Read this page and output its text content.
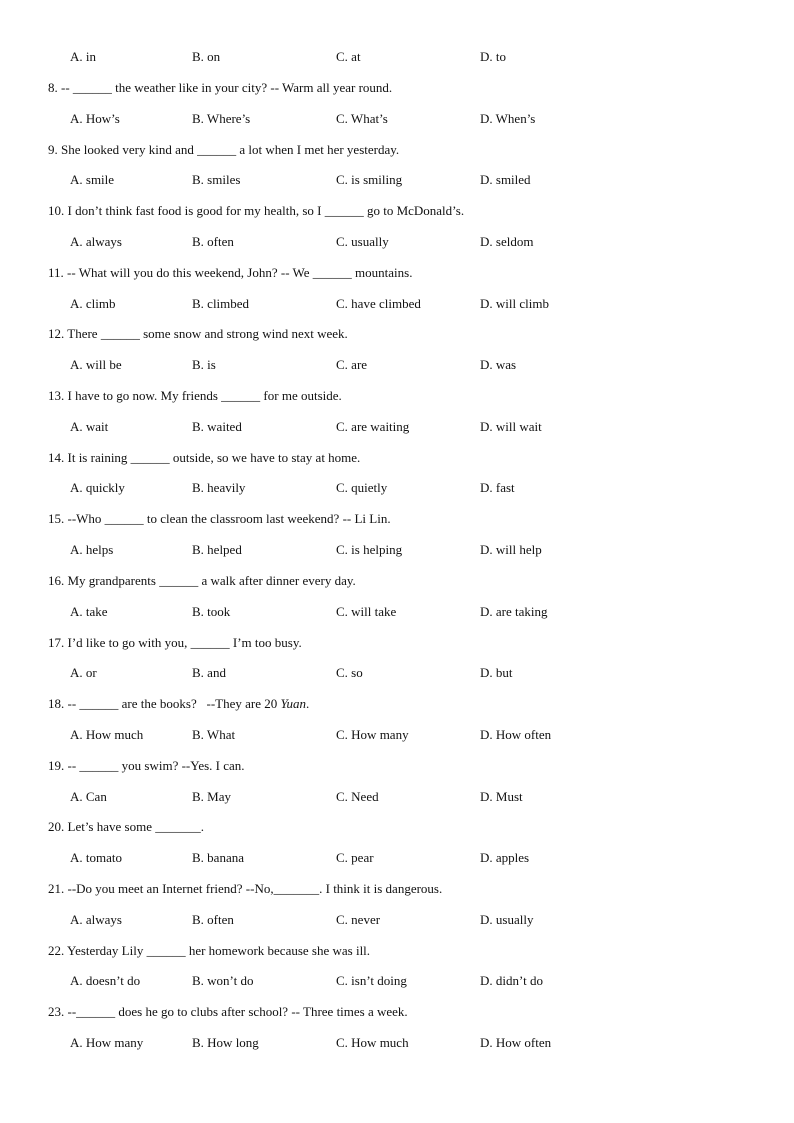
A. in	B. on	C. at	D. to
8. -- ______ the weather like in your city? -- Warm all year round.
A. How’s	B. Where’s	C. What’s	D. When’s
9. She looked very kind and ______ a lot when I met her yesterday.
A. smile	B. smiles	C. is smiling	D. smiled
10. I don’t think fast food is good for my health, so I ______ go to McDonald’s.
A. always	B. often	C. usually	D. seldom
11. -- What will you do this weekend, John? -- We ______ mountains.
A. climb	B. climbed	C. have climbed	D. will climb
12. There ______ some snow and strong wind next week.
A. will be	B. is	C. are	D. was
13. I have to go now. My friends ______ for me outside.
A. wait	B. waited	C. are waiting	D. will wait
14. It is raining ______ outside, so we have to stay at home.
A. quickly	B. heavily	C. quietly	D. fast
15. --Who ______ to clean the classroom last weekend? -- Li Lin.
A. helps	B. helped	C. is helping	D. will help
16. My grandparents ______ a walk after dinner every day.
A. take	B. took	C. will take	D. are taking
17. I’d like to go with you, ______ I’m too busy.
A. or	B. and	C. so	D. but
18. -- ______ are the books?   --They are 20 Yuan.
A. How much	B. What	C. How many	D. How often
19. -- ______ you swim? --Yes. I can.
A. Can	B. May	C. Need	D. Must
20. Let’s have some _______.
A. tomato	B. banana	C. pear	D. apples
21. --Do you meet an Internet friend? --No,_______. I think it is dangerous.
A. always	B. often	C. never	D. usually
22. Yesterday Lily ______ her homework because she was ill.
A. doesn’t do	B. won’t do	C. isn’t doing	D. didn’t do
23. --______ does he go to clubs after school? -- Three times a week.
A. How many	B. How long	C. How much	D. How often
